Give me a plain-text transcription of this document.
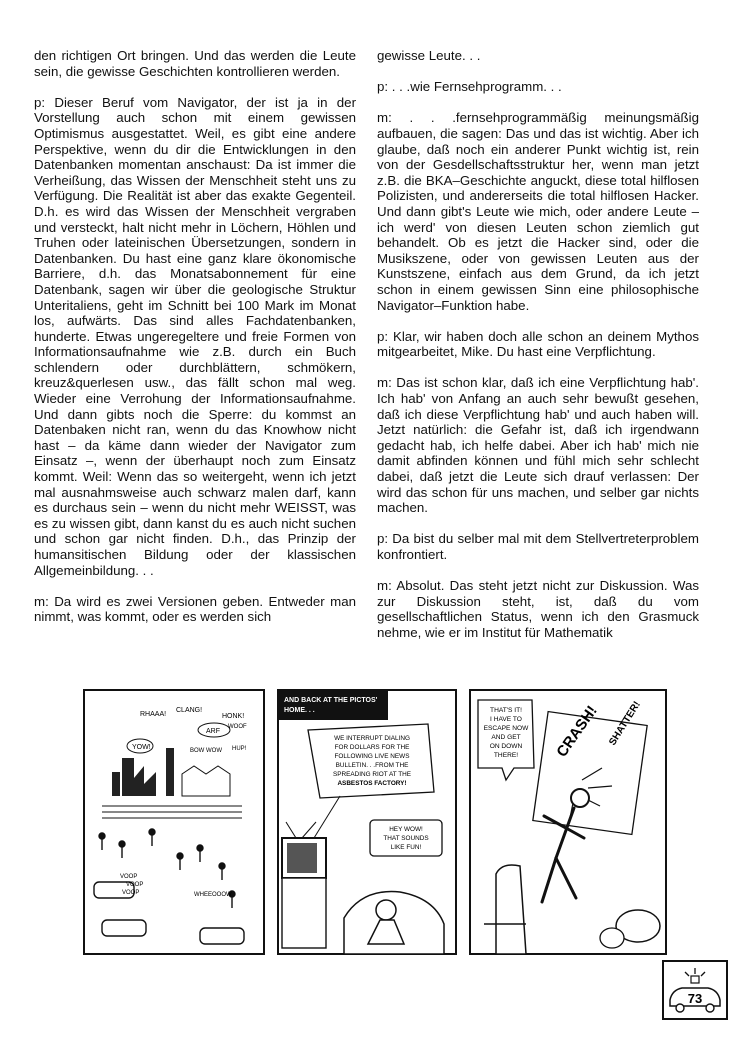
den richtigen Ort bringen. Und das werden die Leute sein, die gewisse Geschichten kontrollieren werden.

p: Dieser Beruf vom Navigator, der ist ja in der Vorstellung auch schon mit einem gewissen Optimismus ausgestattet. Weil, es gibt eine andere Perspektive, wenn du dir die Entwicklungen in den Datenbanken momentan anschaust: Da ist immer die Verheißung, das Wissen der Menschheit steht uns zu Verfügung. Die Realität ist aber das exakte Gegenteil. D.h. es wird das Wissen der Menschheit vergraben und versteckt, halt nicht mehr in Löchern, Höhlen und Truhen oder lateinischen Übersetzungen, sondern in Datenbanken. Du hast eine ganz klare ökonomische Barriere, d.h. das Monatsabonnement für eine Datenbank, sagen wir über die geologische Struktur Unteritaliens, geht im Schnitt bei 100 Mark im Monat los, aufwärts. Das sind alles Fachdatenbanken, hunderte. Etwas ungeregeltere und freie Formen von Informationsaufnahme wie z.B. durch ein Buch schlendern oder durchblättern, schmökern, kreuz&querlesen usw., das fällt schon mal weg. Wieder eine Verrohung der Informationsaufnahme. Und dann gibts noch die Sperre: du kommst an Datenbaken nicht ran, wenn du das Knowhow nicht hast – da käme dann wieder der Navigator zum Einsatz –, wenn der überhaupt noch zum Einsatz kommt. Weil: Wenn das so weitergeht, wenn ich jetzt mal ausnahmsweise auch schwarz malen darf, kann es durchaus sein – wenn du nicht mehr WEISST, was es zu wissen gibt, dann kanst du es auch nicht suchen und schon gar nicht finden. D.h., das Prinzip der humansitischen Bildung oder der klassischen Allgemeinbildung. . .

m: Da wird es zwei Versionen geben. Entweder man nimmt, was kommt, oder es werden sich

gewisse Leute. . .

p: . . .wie Fernsehprogramm. . .

m: . . .fernsehprogrammäßig meinungsmäßig aufbauen, die sagen: Das und das ist wichtig. Aber ich glaube, daß noch ein anderer Punkt wichtig ist, rein von der Gesdellschaftsstruktur her, wenn man jetzt z.B. die BKA–Geschichte anguckt, diese total hilflosen Polizisten, und andererseits die total hilflosen Hacker. Und dann gibt's Leute wie mich, oder andere Leute – ich werd' von diesen Leuten schon ziemlich gut behandelt. Ob es jetzt die Hacker sind, oder die Musikszene, oder von gewissen Leuten aus der Kunstszene, einfach aus dem Grund, da ich jetzt schon in einem gewissen Sinn eine philosophische Navigator–Funktion habe.

p: Klar, wir haben doch alle schon an deinem Mythos mitgearbeitet, Mike. Du hast eine Verpflichtung.

m: Das ist schon klar, daß ich eine Verpflichtung hab'. Ich hab' von Anfang an auch sehr bewußt gesehen, daß ich diese Verpflichtung hab' und auch haben will. Jetzt natürlich: die Gefahr ist, daß ich irgendwann gedacht hab, ich helfe dabei. Aber ich hab' mich nie damit abfinden können und fühl mich sehr schlecht dabei, daß jetzt die Leute sich drauf verlassen: Der wird das schon für uns machen, und selber gar nichts machen.

p: Da bist du selber mal mit dem Stellvertreterproblem konfrontiert.

m: Absolut. Das steht jetzt nicht zur Diskussion. Was zur Diskussion steht, ist, daß du vom gesellschaftlichen Status, wenn ich den Grasmuck nehme, wie er im Institut für Mathematik

RHAAA!
CLANG!
HONK!
ARF
WOOF
YOW!	BOW WOW HUP!
VOOP
VOOP
VOOP	WHEEOOOW
AND BACK AT THE PICTOS'
HOME. . .
WE INTERRUPT DIALING
FOR DOLLARS FOR THE
FOLLOWING LIVE NEWS
BULLETIN. . .FROM THE
SPREADING RIOT AT THE
ASBESTOS FACTORY!
HEY WOW!
THAT SOUNDS
LIKE FUN!
THAT'S IT!
I HAVE TO
ESCAPE NOW
AND GET
ON DOWN
THERE! CRASH! SHATTER!
73
